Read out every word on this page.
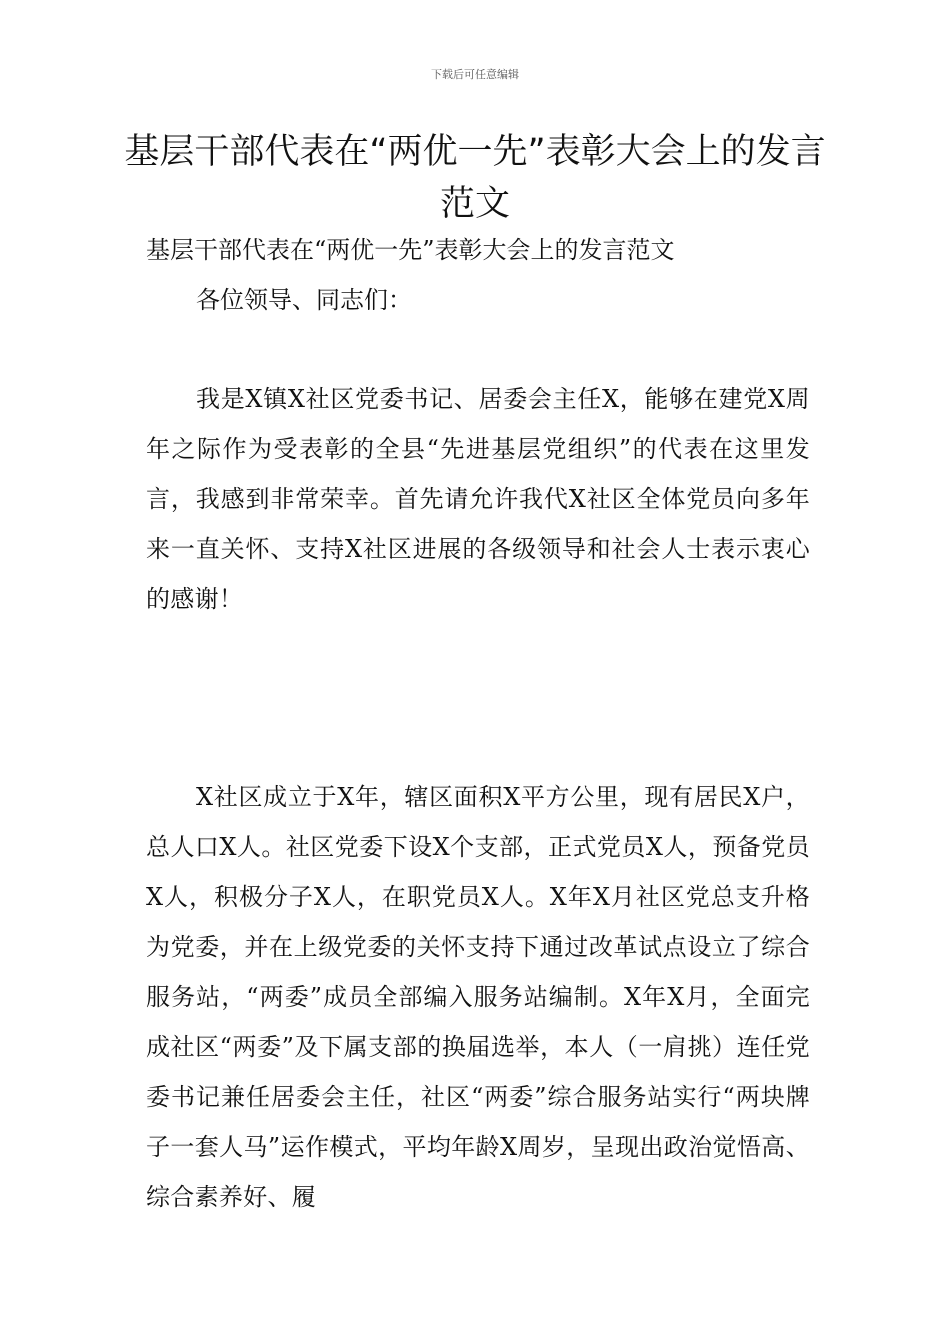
下载后可任意编辑
基层干部代表在“两优一先”表彰大会上的发言范文
基层干部代表在“两优一先”表彰大会上的发言范文
各位领导、同志们：

我是X镇X社区党委书记、居委会主任X，能够在建党X周年之际作为受表彰的全县“先进基层党组织”的代表在这里发言，我感到非常荣幸。首先请允许我代X社区全体党员向多年来一直关怀、支持X社区进展的各级领导和社会人士表示衷心的感谢！

X社区成立于X年，辖区面积X平方公里，现有居民X户，总人口X人。社区党委下设X个支部，正式党员X人，预备党员X人，积极分子X人，在职党员X人。X年X月社区党总支升格为党委，并在上级党委的关怀支持下通过改革试点设立了综合服务站，“两委”成员全部编入服务站编制。X年X月，全面完成社区“两委”及下属支部的换届选举，本人（一肩挑）连任党委书记兼任居委会主任，社区“两委”综合服务站实行“两块牌子一套人马”运作模式，平均年龄X周岁，呈现出政治觉悟高、综合素养好、履
